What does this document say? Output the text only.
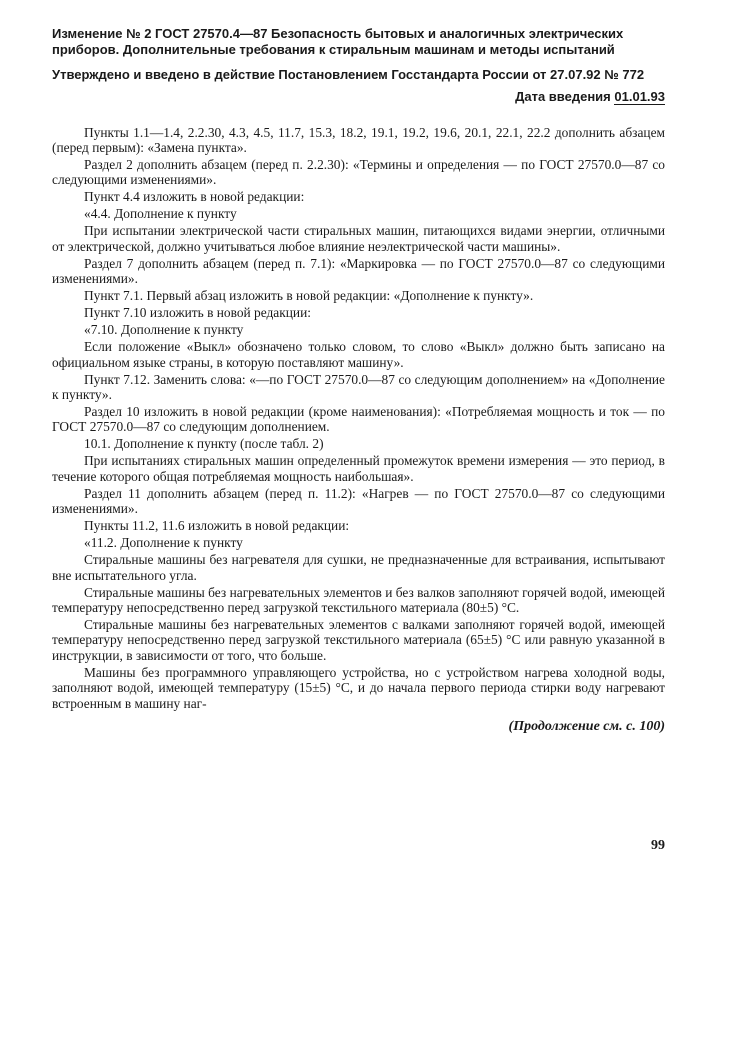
Изменение № 2 ГОСТ 27570.4—87 Безопасность бытовых и аналогичных электрических приборов. Дополнительные требования к стиральным машинам и методы испытаний
Утверждено и введено в действие Постановлением Госстандарта России от 27.07.92 № 772
Дата введения 01.01.93

Пункты 1.1—1.4, 2.2.30, 4.3, 4.5, 11.7, 15.3, 18.2, 19.1, 19.2, 19.6, 20.1, 22.1, 22.2 дополнить абзацем (перед первым): «Замена пункта».

Раздел 2 дополнить абзацем (перед п. 2.2.30): «Термины и определения — по ГОСТ 27570.0—87 со следующими изменениями».

Пункт 4.4 изложить в новой редакции:

«4.4. Дополнение к пункту

При испытании электрической части стиральных машин, питающихся видами энергии, отличными от электрической, должно учитываться любое влияние неэлектрической части машины».

Раздел 7 дополнить абзацем (перед п. 7.1): «Маркировка — по ГОСТ 27570.0—87 со следующими изменениями».

Пункт 7.1. Первый абзац изложить в новой редакции: «Дополнение к пункту».

Пункт 7.10 изложить в новой редакции:

«7.10. Дополнение к пункту

Если положение «Выкл» обозначено только словом, то слово «Выкл» должно быть записано на официальном языке страны, в которую поставляют машину».

Пункт 7.12. Заменить слова: «—по ГОСТ 27570.0—87 со следующим дополнением» на «Дополнение к пункту».

Раздел 10 изложить в новой редакции (кроме наименования): «Потребляемая мощность и ток — по ГОСТ 27570.0—87 со следующим дополнением.

10.1. Дополнение к пункту (после табл. 2)

При испытаниях стиральных машин определенный промежуток времени измерения — это период, в течение которого общая потребляемая мощность наибольшая».

Раздел 11 дополнить абзацем (перед п. 11.2): «Нагрев — по ГОСТ 27570.0—87 со следующими изменениями».

Пункты 11.2, 11.6 изложить в новой редакции:

«11.2. Дополнение к пункту

Стиральные машины без нагревателя для сушки, не предназначенные для встраивания, испытывают вне испытательного угла.

Стиральные машины без нагревательных элементов и без валков заполняют горячей водой, имеющей температуру непосредственно перед загрузкой текстильного материала (80±5) °С.

Стиральные машины без нагревательных элементов с валками заполняют горячей водой, имеющей температуру непосредственно перед загрузкой текстильного материала (65±5) °С или равную указанной в инструкции, в зависимости от того, что больше.

Машины без программного управляющего устройства, но с устройством нагрева холодной воды, заполняют водой, имеющей температуру (15±5) °С, и до начала первого периода стирки воду нагревают встроенным в машину наг-

(Продолжение см. с. 100)
99
